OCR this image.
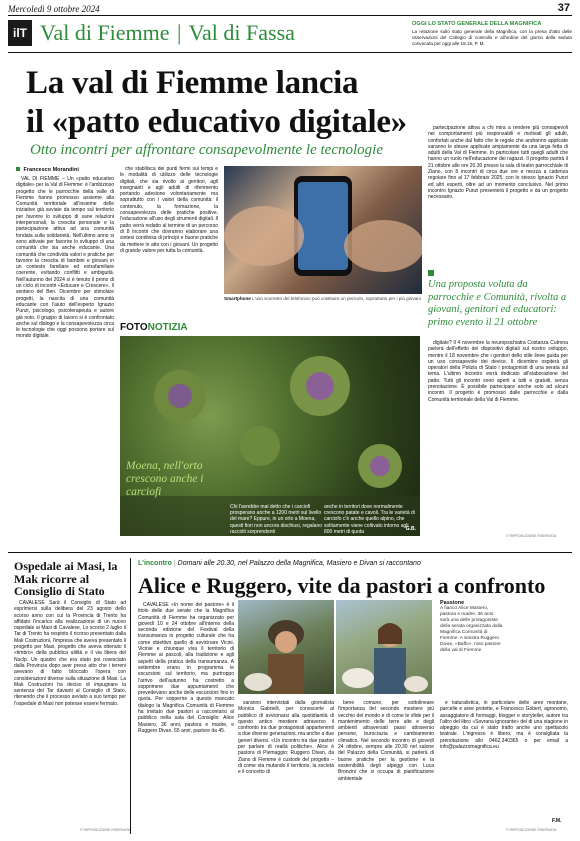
Mercoledì 9 ottobre 2024	37
ilT Val di Fiemme | Val di Fassa	OGGI LO STATO GENERALE DELLA MAGNIFICA
La relazione sullo stato generale della Magnifica, con la presa d'atto delle osservazioni del Collegio di controllo e all'ordine del giorno della seduta convocata per oggi alle 18.15, P. M.
La val di Fiemme lancia
il «patto educativo digitale»
Otto incontri per affrontare consapevolmente le tecnologie
Francesco Morandini

VAL DI FIEMME – Un «patto educativo digitale» per la Val di Fiemme: è l'ambizioso progetto che le parrocchie della valle di Fiemme hanno promosso assieme alla Comunità territoriale all'insieme delle iniziative già avviate da tempo sul territorio per favorire lo sviluppo di sane relazioni interpersonali, la crescita personale e la partecipazione attiva ad una comunità fondata sulla solidarietà. Nell'ultimo anno si sono attivate per favorire lo sviluppo di una comunità che sia anche educante. Una comunità che condivida valori e pratiche per favorire la crescita di bambini e giovani in un contesto familiare ed extrafamiliare coerente, evitando conflitti e ambiguità. Nell'autunno del 2024 si è tenuto il primo di un ciclo di incontri «Educare e Crescere». Il sentiero del Ben. Dicembre per stimolare progetti, la nascita di una comunità educante con l'aiuto dell'esperto Ignazio Punzi, psicologo, psicoterapeuta e autore già noto. Il gruppo di lavoro si è confrontato anche sul dialogo e la consapevolezza circa le tecnologie che oggi possono portare sul mondo digitale.

che stabilisca dei punti fermi sui tempi e le modalità di utilizzo delle tecnologie digitali, che sia rivolto ai genitori, agli insegnanti e agli adulti di riferimento portando adesione volontariamente ma soprattutto con i valori della comunità: il contenuto, la formazione, la consapevolezza delle pratiche positive, l'educazione all'uso degli strumenti digitali. Il patto verrà redatto al termine di un percorso di 8 incontri che dovranno elaborare una sintesi condivisa di principi e buone pratiche da mettere in atto con i giovani. Un progetto di grande valore per tutta la comunità.

partecipazione attiva a chi mira a rendere più consapevoli nei comportamenti più responsabili e motivati gli adulti, confortati anche dal fatto che le regole che andranno applicate saranno le stesse applicate ampiamente da una larga fetta di adulti della Val di Fiemme. In particolare tutti quegli adulti che hanno un ruolo nell'educazione dei ragazzi. Il progetto partirà il 21 ottobre alle ore 20.30 presso la sala di teatro parrocchiale di Ziano, con 8 incontri di circa due ore e mezza a cadenza regolare fino al 17 febbraio 2025, con lo stesso Ignazio Punzi ed altri esperti, oltre ad un momento conclusivo. Nel primo incontro Ignazio Punzi presenterà il progetto e da un progetto necessario.

Smartphone L'uso scorretto del telefonino può costituire un pericolo, soprattutto per i più giovani
Una proposta voluta da parrocchie e Comunità, rivolta a giovani, genitori ed educatori: primo evento il 21 ottobre

digitale? Il 4 novembre la neuropsichiatra Costanza Cutrona parlerà dell'effetto dei dispositivi digitali sul nostro sviluppo, mentre il 18 novembre che i genitori dello stile linee guida per un uso consapevole dei device. Il dicembre ospiterà gli operatori della Polizia di Stato i protagonisti di una serata sul tema. L'ultimo incontro verrà dedicato all'elaborazione del patto. Tutti gli incontri sono aperti a tutti e gratuiti, senza prenotazione. È possibile partecipare anche solo ad alcuni incontri. Il progetto è promosso dalle parrocchie e dalla Comunità territoriale della Val di Fiemme.

© RIPRODUZIONE RISERVATA
FOTONOTIZIA
Moena, nell'orto crescono anche i carciofi
Chi l'avrebbe mai detto che i carciofi prosperano anche a 1200 metri sul livello del mare? Eppure, in un orto a Moena, questi fiori non ancora dischiusi, regalano raccolti sorprendenti
anche in territori dove normalmente crescono patate e cavoli. Tra le varietà di carciofo c'è anche quello alpino, che solitamente viene coltivato intorno agli 800 metri di quota	G.B.
Ospedale ai Masi, la Mak ricorre al Consiglio di Stato

CAVALESE Sarà il Consiglio di Stato ad esprimersi sulla delibera del 23 agosto dello scorso anno con cui la Provincia di Trento ha affidato l'incarico alla realizzazione di un nuovo ospedale ai Masi di Cavalese. Lo scorso 2 luglio il Tar di Trento ha respinto il ricorso presentato dalla Mak Costruzioni, l'impresa che aveva presentato il progetto per Masi, progetto che aveva ottenuto il «timbro» della pubblica utilità e il via libera del Nuclp. Un quadro che era stato poi rovesciato dalla Provincia dopo aver preso atto che i terreni avevano di fatto bloccato l'opera con considerazioni diverse sulla situazione di Masi. La Mak Costruzioni ha deciso di impugnare la sentenza del Tar davanti al Consiglio di Stato, ritenendo che il processo avviato a suo tempo per l'ospedale di Masi non potesse essere fermato.

© RIPRODUZIONE RISERVATA
L'incontro | Domani alle 20.30, nel Palazzo della Magnifica, Masiero e Divan si raccontano
Alice e Ruggero, vite da pastori a confronto

CAVALESE «In nome del pastore» è il titolo delle due serate che la Magnifica Comunità di Fiemme ha organizzato per giovedì 10 e 24 ottobre all'interno della seconda edizione del Festival della transumanza in progetto culturale che ha come obiettivo quello di avvicinare Vicini, Vicinie e chiunque viva il territorio di Fiemme ai pascoli, alla tradizione e agli aspetti della pratica della transumanza. A settembre erano in programma le escursioni sul territorio, ma purtroppo l'arrivo dell'autunno ha costretto a sopprimere due appuntamenti che prevedevano anche delle escursioni fino in quota. Per sopperire a questo mancato dialogo la Magnifica Comunità di Fiemme ha invitato due pastori a raccontarsi al pubblico nella sala del Consiglio: Alice Masiero, 36 anni, pastora e madre, e Ruggero Divan, 65 anni, pastore da 45.

Passione
A fianco Alice Masiero, pastora e madre, 36 anni: sarà una delle protagoniste della serata organizzata dalla Magnifica Comunità di Fiemme. A sinistra Ruggero Divan, «Baffo», noto pastore della val di Fiemme

saranno intervistati dalla giornalista Monica Gabrielli, per conoscerle al pubblico di avvicinarsi alla quotidianità di questo antico mestiere attraverso il confronto tra due protagonisti appartenenti a due diverse generazioni, ma anche a due generi diversi. «Un incontro tra due pastori per parlare di realtà politiche». Alice è pastora di Piemaggio; Ruggero Divan, da Ziano di Fiemme è custode del progetto – di come sta mutando il territorio, la società e il concetto di

bene comune, per sottolineare l'importanza del secondo mestiere più vecchio del mondo e di come le sfide per il mantenimento delle terre alte e degli ambienti attraversati passi attraverso persone, burocrazia e cambiamento climatico. Nel secondo incontro di giovedì 24 ottobre, sempre alle 20.30 nel salone del Palazzo della Comunità, si parlerà di buone pratiche per la gestione e la sostenibilità degli alpeggi con Luca Bronzini che si occupa di pianificazione ambientale

e naturalistica, in particolare delle aree montane, parcelle e aree protette, e Francesco Gobert, agronomo, assaggiatore di formaggi, blogger e storyteller, autore tra l'altro del libro «Sovrana ignorante» del di una stagione in alpeggio da cui è stato tratto anche uno spettacolo teatrale. L'ingresso è libero, ma è consigliata la prenotazione allo 0462.340365 o per email a info@palazzomagnifica.eu

F.M.
© RIPRODUZIONE RISERVATA
